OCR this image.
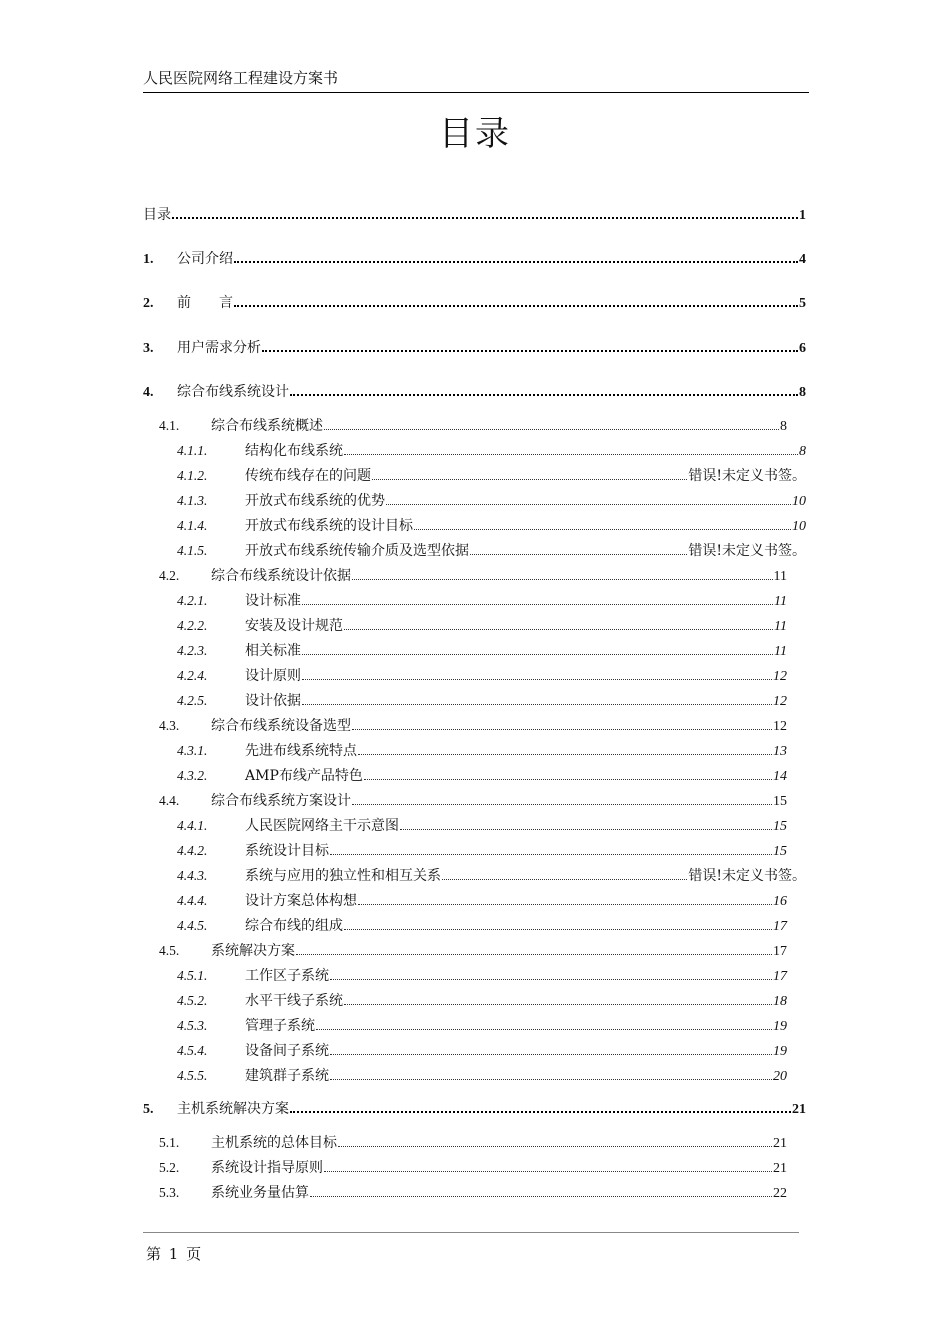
人民医院网络工程建设方案书
目录
目录	1
1.	公司介绍	4
2.	前　　言	5
3.	用户需求分析	6
4.	综合布线系统设计	8
4.1.	综合布线系统概述	8
4.1.1.	结构化布线系统	8
4.1.2.	传统布线存在的问题	错误!未定义书签。
4.1.3.	开放式布线系统的优势	10
4.1.4.	开放式布线系统的设计目标	10
4.1.5.	开放式布线系统传输介质及选型依据	错误!未定义书签。
4.2.	综合布线系统设计依据	11
4.2.1.	设计标准	11
4.2.2.	安装及设计规范	11
4.2.3.	相关标准	11
4.2.4.	设计原则	12
4.2.5.	设计依据	12
4.3.	综合布线系统设备选型	12
4.3.1.	先进布线系统特点	13
4.3.2.	AMP布线产品特色	14
4.4.	综合布线系统方案设计	15
4.4.1.	人民医院网络主干示意图	15
4.4.2.	系统设计目标	15
4.4.3.	系统与应用的独立性和相互关系	错误!未定义书签。
4.4.4.	设计方案总体构想	16
4.4.5.	综合布线的组成	17
4.5.	系统解决方案	17
4.5.1.	工作区子系统	17
4.5.2.	水平干线子系统	18
4.5.3.	管理子系统	19
4.5.4.	设备间子系统	19
4.5.5.	建筑群子系统	20
5.	主机系统解决方案	21
5.1.	主机系统的总体目标	21
5.2.	系统设计指导原则	21
5.3.	系统业务量估算	22
第 1 页
